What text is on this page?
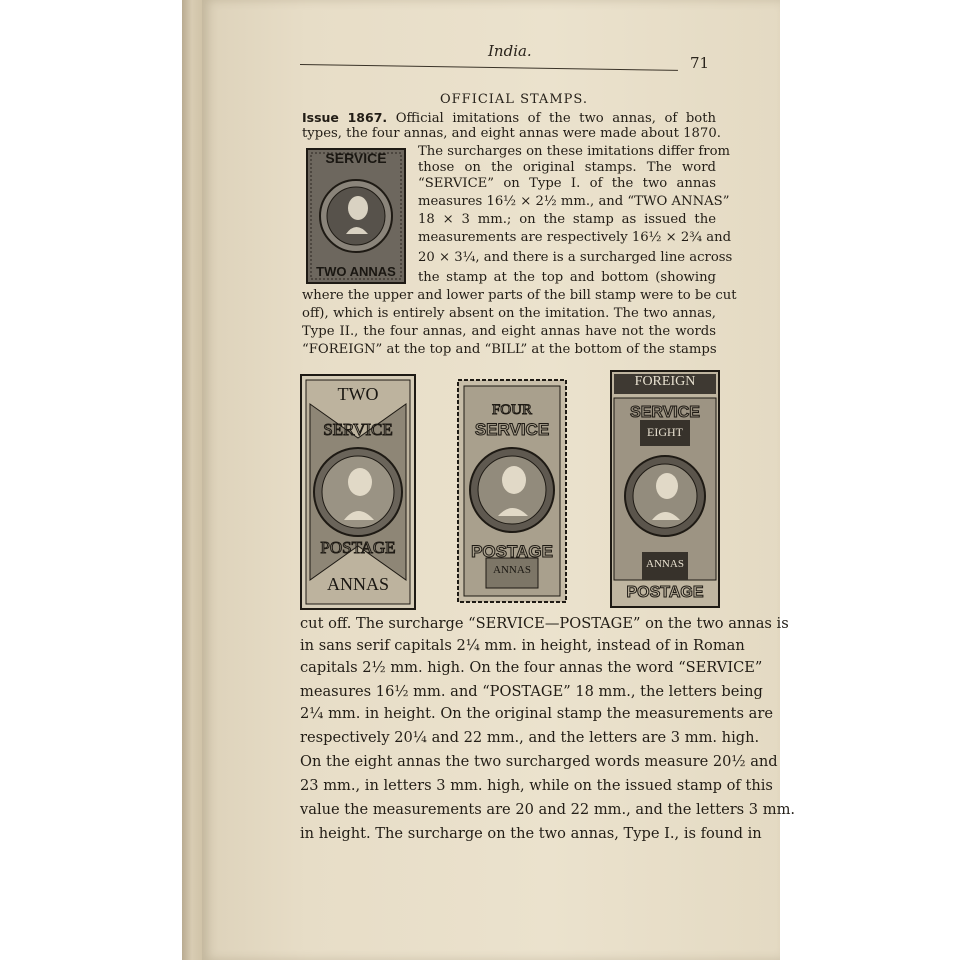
India.
71
OFFICIAL STAMPS.
Issue 1867. Official imitations of the two annas, of both
types, the four annas, and eight annas were made about 1870.
The surcharges on these imitations differ from
those on the original stamps. The word
“SERVICE” on Type I. of the two annas
measures 16½ × 2½ mm., and “TWO ANNAS”
18 × 3 mm.; on the stamp as issued the
measurements are respectively 16½ × 2¾ and
20 × 3¼, and there is a surcharged line across
the stamp at the top and bottom (showing
where the upper and lower parts of the bill stamp were to be cut
off), which is entirely absent on the imitation. The two annas,
Type II., the four annas, and eight annas have not the words
“FOREIGN” at the top and “BILL” at the bottom of the stamps
SERVICE
TWO ANNAS
TWO
SERVICE
POSTAGE
ANNAS
FOUR
SERVICE
POSTAGE
ANNAS
FOREIGN
SERVICE
EIGHT
ANNAS
POSTAGE
cut off. The surcharge “SERVICE—POSTAGE” on the two annas is
in sans serif capitals 2¼ mm. in height, instead of in Roman
capitals 2½ mm. high. On the four annas the word “SERVICE”
measures 16½ mm. and “POSTAGE” 18 mm., the letters being
2¼ mm. in height. On the original stamp the measurements are
respectively 20¼ and 22 mm., and the letters are 3 mm. high.
On the eight annas the two surcharged words measure 20½ and
23 mm., in letters 3 mm. high, while on the issued stamp of this
value the measurements are 20 and 22 mm., and the letters 3 mm.
in height. The surcharge on the two annas, Type I., is found in
